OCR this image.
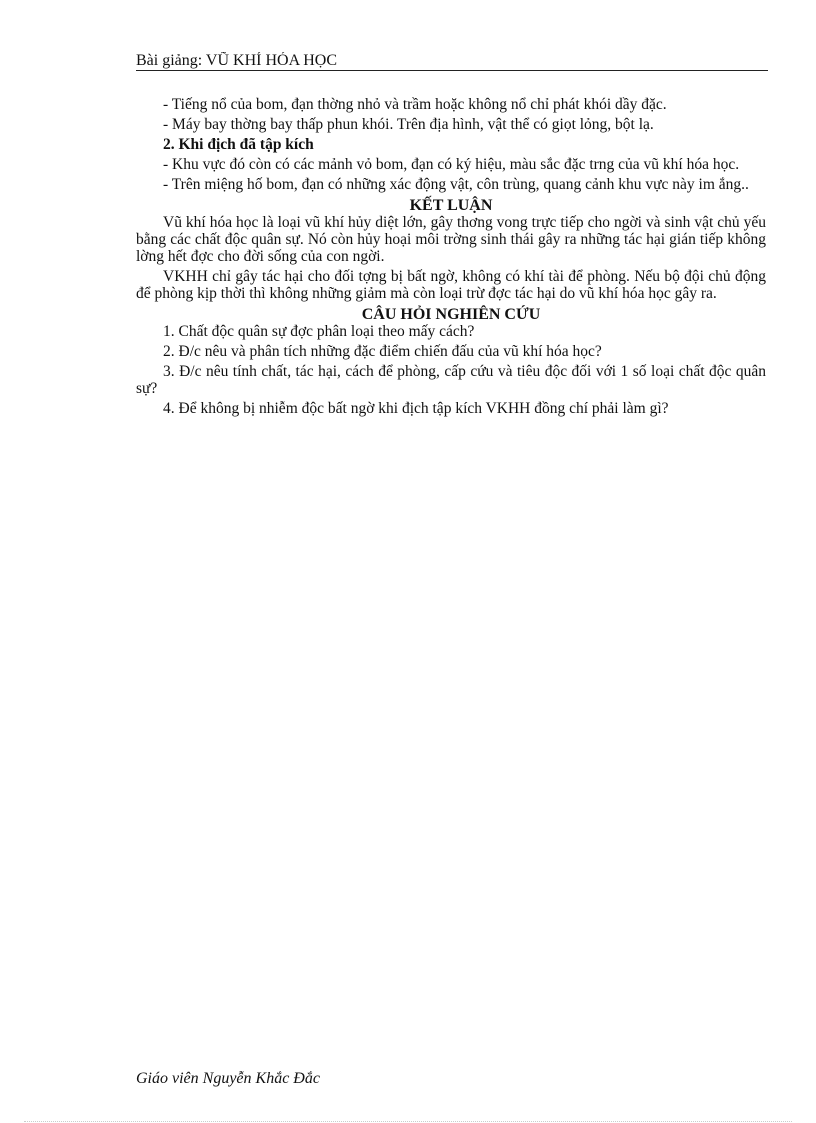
Bài giảng: VŨ KHÍ HÓA HỌC

- Tiếng nổ của bom, đạn thờng nhỏ và trầm hoặc không nổ chỉ phát khói dầy đặc.

- Máy bay thờng bay thấp phun khói. Trên địa hình, vật thể có giọt lỏng, bột lạ.

2. Khi địch đã tập kích

- Khu vực đó còn có các mảnh vỏ bom, đạn có ký hiệu, màu sắc đặc trng của vũ khí hóa học.

- Trên miệng hố bom, đạn có những xác động vật, côn trùng, quang cảnh khu vực này im ắng..

KẾT LUẬN

Vũ khí hóa học là loại vũ khí hủy diệt lớn, gây thơng vong trực tiếp cho ngời và sinh vật chủ yếu bằng các chất độc quân sự. Nó còn hủy hoại môi trờng sinh thái gây ra những tác hại gián tiếp không lờng hết đợc cho đời sống của con ngời.

VKHH chỉ gây tác hại cho đối tợng bị bất ngờ, không có khí tài để phòng. Nếu bộ đội chủ động để phòng kịp thời thì không những giảm mà còn loại trừ đợc tác hại do vũ khí hóa học gây ra.

CÂU HỎI NGHIÊN CỨU

1. Chất độc quân sự đợc phân loại theo mấy cách?

2. Đ/c nêu và phân tích những đặc điểm chiến đấu của vũ khí hóa học?

3. Đ/c nêu tính chất, tác hại, cách để phòng, cấp cứu và tiêu độc đối với 1 số loại chất độc quân sự?

4. Để không bị nhiễm độc bất ngờ khi địch tập kích VKHH đồng chí phải làm gì?

Giáo viên Nguyễn Khắc Đắc
